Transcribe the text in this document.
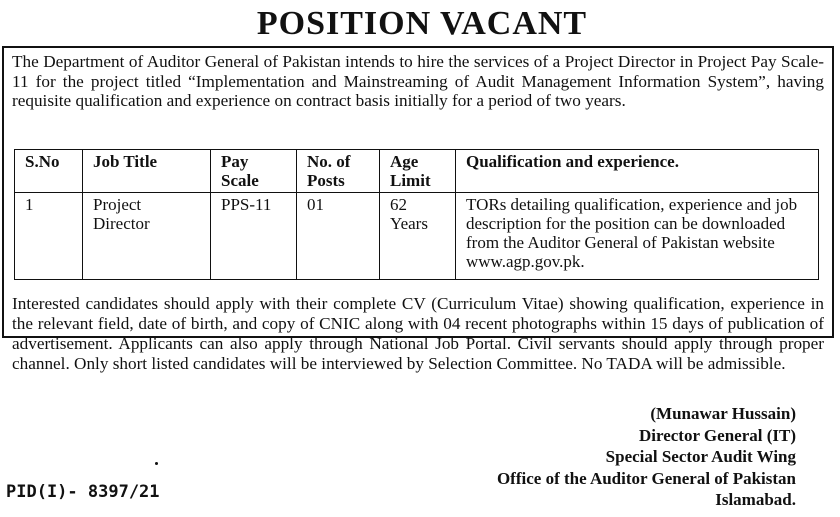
POSITION VACANT

The Department of Auditor General of Pakistan intends to hire the services of a Project Director in Project Pay Scale-11 for the project titled “Implementation and Mainstreaming of Audit Management Information System”, having requisite qualification and experience on contract basis initially for a period of two years.

S.No	Job Title	Pay Scale	No. of Posts	Age Limit	Qualification and experience.
1	Project Director	PPS-11	01	62 Years	TORs detailing qualification, experience and job description for the position can be downloaded from the Auditor General of Pakistan website www.agp.gov.pk.

Interested candidates should apply with their complete CV (Curriculum Vitae) showing qualification, experience in the relevant field, date of birth, and copy of CNIC along with 04 recent photographs within 15 days of publication of advertisement. Applicants can also apply through National Job Portal. Civil servants should apply through proper channel. Only short listed candidates will be interviewed by Selection Committee. No TADA will be admissible.

(Munawar Hussain)
Director General (IT)
Special Sector Audit Wing
Office of the Auditor General of Pakistan
Islamabad.
PID(I)- 8397/21
